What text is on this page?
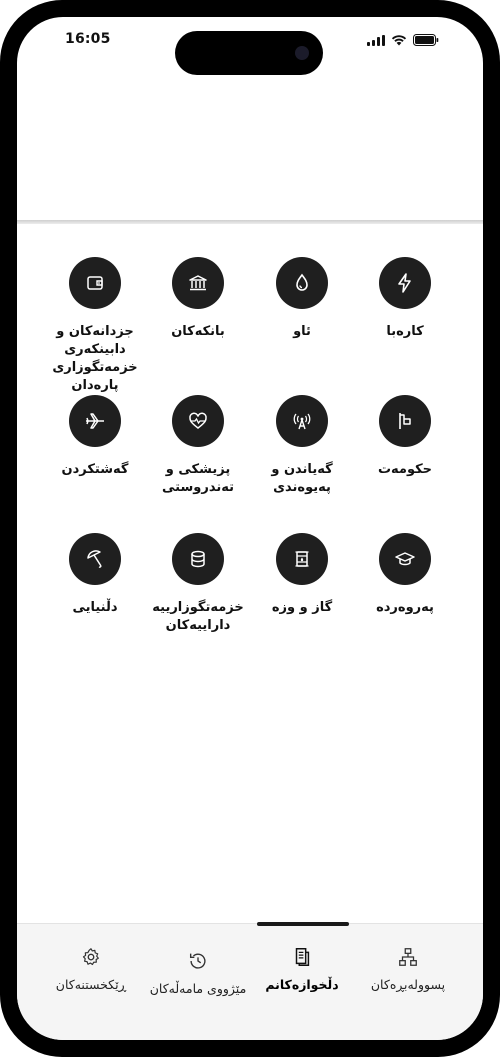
16:05
کارەبا
ئاو
بانکەکان
جزدانەکان و دابینکەری خزمەتگوزاری پارەدان
حکومەت
گەیاندن و پەیوەندی
پزیشکی و تەندروستی
گەشتکردن
پەروەردە
گاز و وزە
خزمەتگوزارییە داراییەکان
دڵنیایی
پسوولەبڕەکان
دڵخوازەکانم
مێژووی مامەڵەکان
ڕێکخستنەکان
